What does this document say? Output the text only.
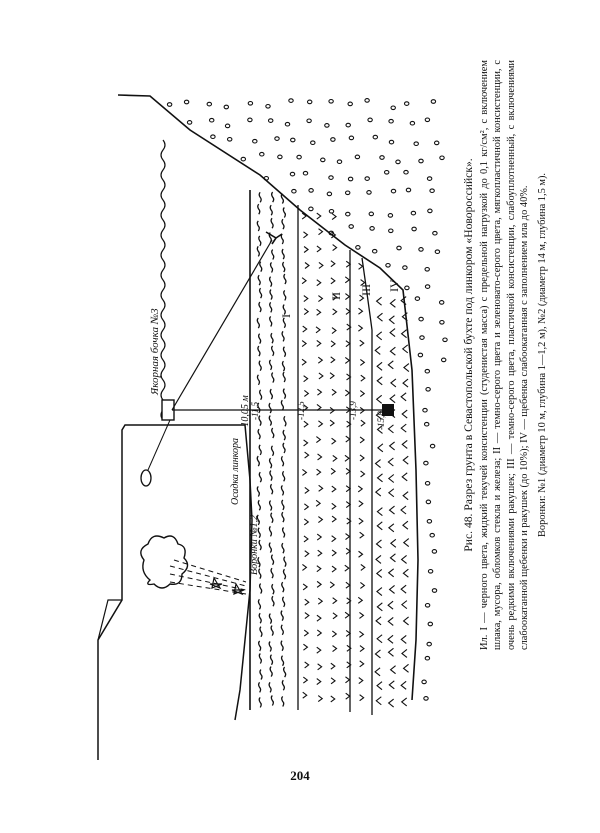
Якорная бочка №3
-10,05 м
Осадка линкора
-11,5
Воронки №1,2
-12,5	-13,9
-15,8
I
II III IV	Рис. 48. Разрез грунта в Севастопольской бухте под линкором «Новороссийск». Ил. I — черного цвета, жидкий текучей консистенции (студенистая масса) с предельной нагрузкой до 0,1 кг/см², с включением шлака, мусора, обломков стекла и железа; II — темно-серого цвета и зеленовато-серого цвета, мягкопластичной консистенции, с очень редкими включениями ракушек; III — темно-серого цвета, пластичной консистенции, слабоуплотненный, с включениями слабоокатанной щебенки и ракушек (до 10%); IV — щебенка слабоокатанная с заполнением ила до 40%. Воронки: №1 (диаметр 10 м, глубина 1—1,2 м), №2 (диаметр 14 м, глубина 1,5 м).

204
